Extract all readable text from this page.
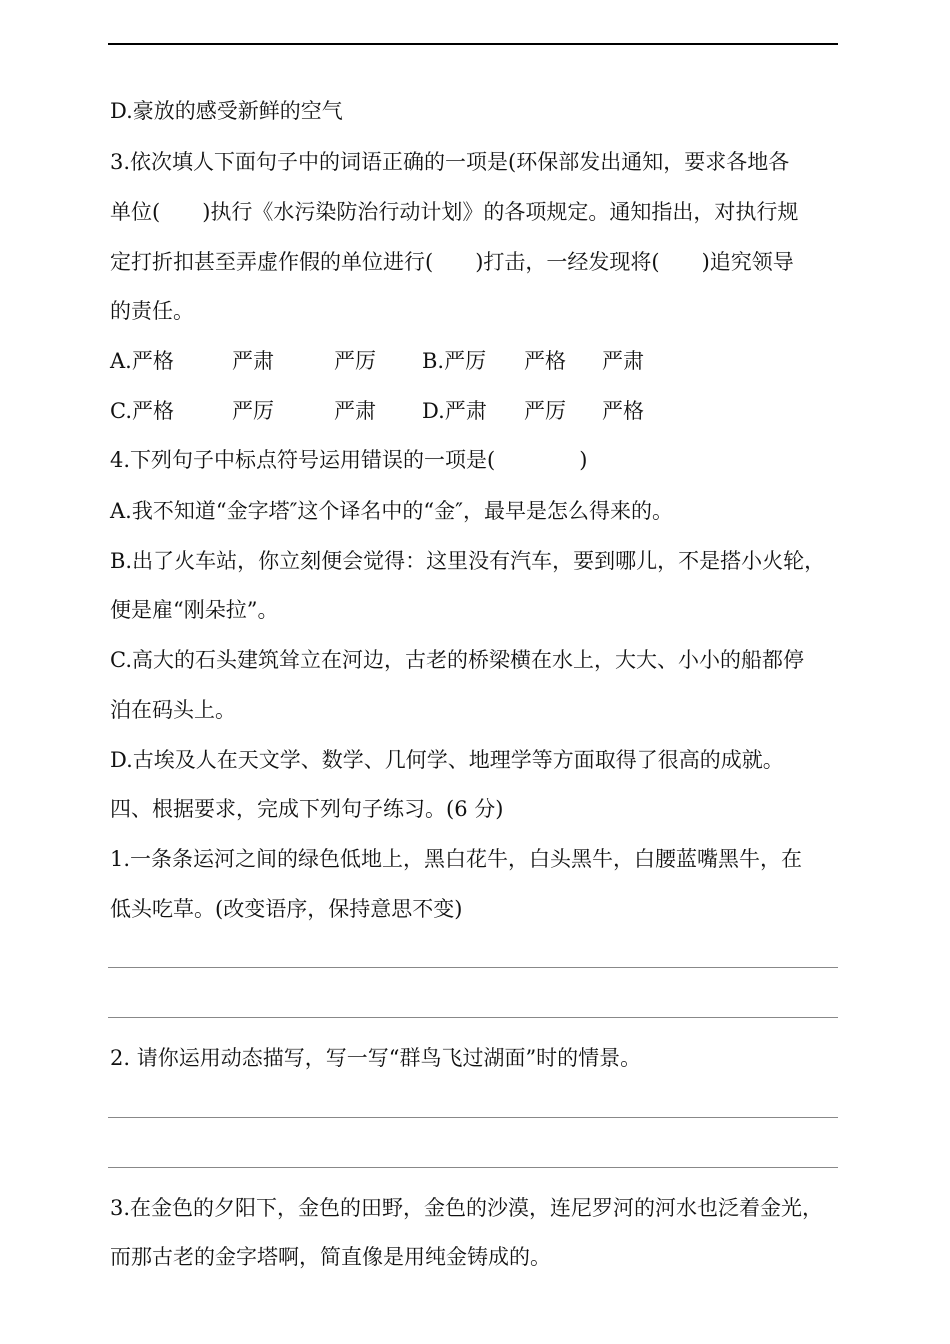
D.豪放的感受新鲜的空气
3.依次填人下面句子中的词语正确的一项是(环保部发出通知，要求各地各
单位(　　)执行《水污染防治行动计划》的各项规定。通知指出，对执行规
定打折扣甚至弄虚作假的单位进行(　　)打击，一经发现将(　　)追究领导
的责任。
A.严格	严肃	严厉 B.严厉 严格 严肃
C.严格	严厉	严肃 D.严肃 严厉 严格
4.下列句子中标点符号运用错误的一项是(　　　　)
A.我不知道“金字塔″这个译名中的“金″，最早是怎么得来的。
B.出了火车站，你立刻便会觉得：这里没有汽车，要到哪儿，不是搭小火轮，
便是雇“刚朵拉”。
C.高大的石头建筑耸立在河边，古老的桥梁横在水上，大大、小小的船都停
泊在码头上。
D.古埃及人在天文学、数学、几何学、地理学等方面取得了很高的成就。
四、根据要求，完成下列句子练习。(6 分)
1.一条条运河之间的绿色低地上，黑白花牛，白头黑牛，白腰蓝嘴黑牛，在
低头吃草。(改变语序，保持意思不变)
2. 请你运用动态描写，写一写“群鸟飞过湖面”时的情景。
3.在金色的夕阳下，金色的田野，金色的沙漠，连尼罗河的河水也泛着金光，
而那古老的金字塔啊，简直像是用纯金铸成的。
